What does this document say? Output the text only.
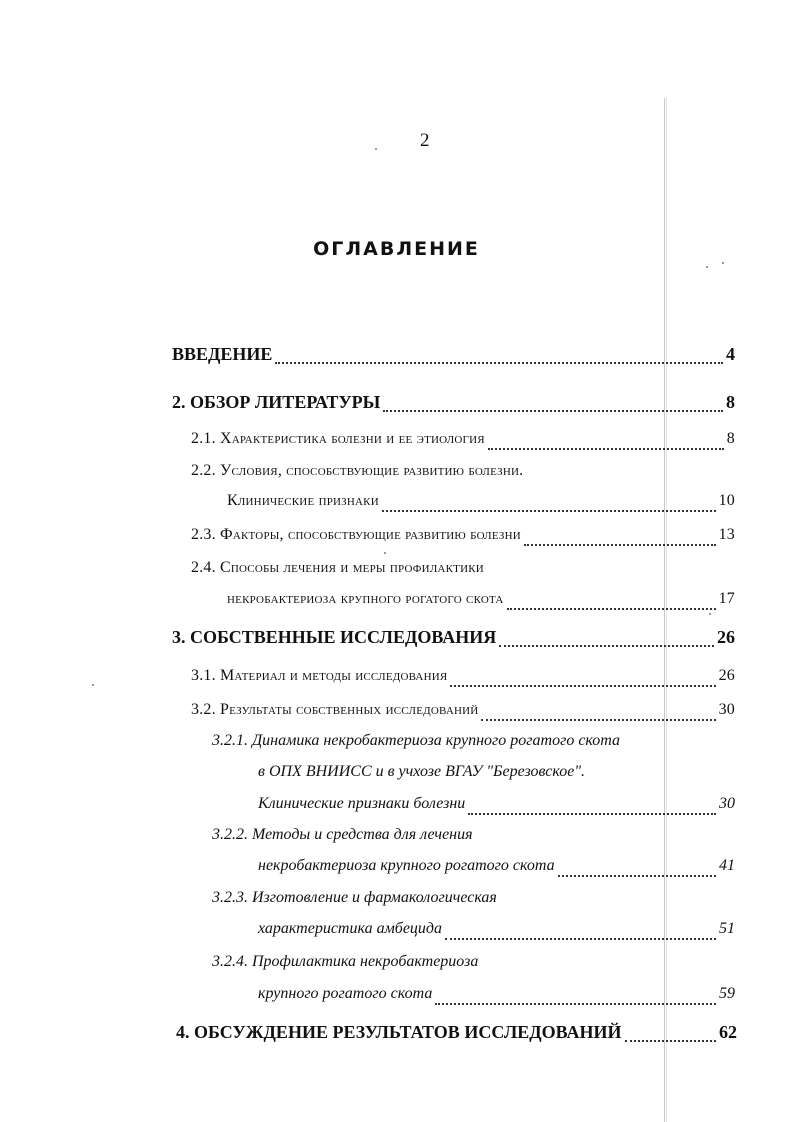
2
ОГЛАВЛЕНИЕ
ВВЕДЕНИЕ	4
2. ОБЗОР ЛИТЕРАТУРЫ	8
2.1. Характеристика болезни и ее этиология	8
2.2. Условия, способствующие развитию болезни.
Клинические признаки	10
2.3. Факторы, способствующие развитию болезни	13
2.4. Способы лечения и меры профилактики
некробактериоза крупного рогатого скота	17
3. СОБСТВЕННЫЕ ИССЛЕДОВАНИЯ	26
3.1. Материал и методы исследования	26
3.2. Результаты собственных исследований	30
3.2.1. Динамика некробактериоза крупного рогатого скота
в ОПХ ВНИИСС и в учхозе ВГАУ "Березовское".
Клинические признаки болезни	30
3.2.2. Методы и средства для лечения
некробактериоза крупного рогатого скота	41
3.2.3. Изготовление и фармакологическая
характеристика амбецида	51
3.2.4. Профилактика некробактериоза
крупного рогатого скота	59
4. ОБСУЖДЕНИЕ РЕЗУЛЬТАТОВ ИССЛЕДОВАНИЙ	62
